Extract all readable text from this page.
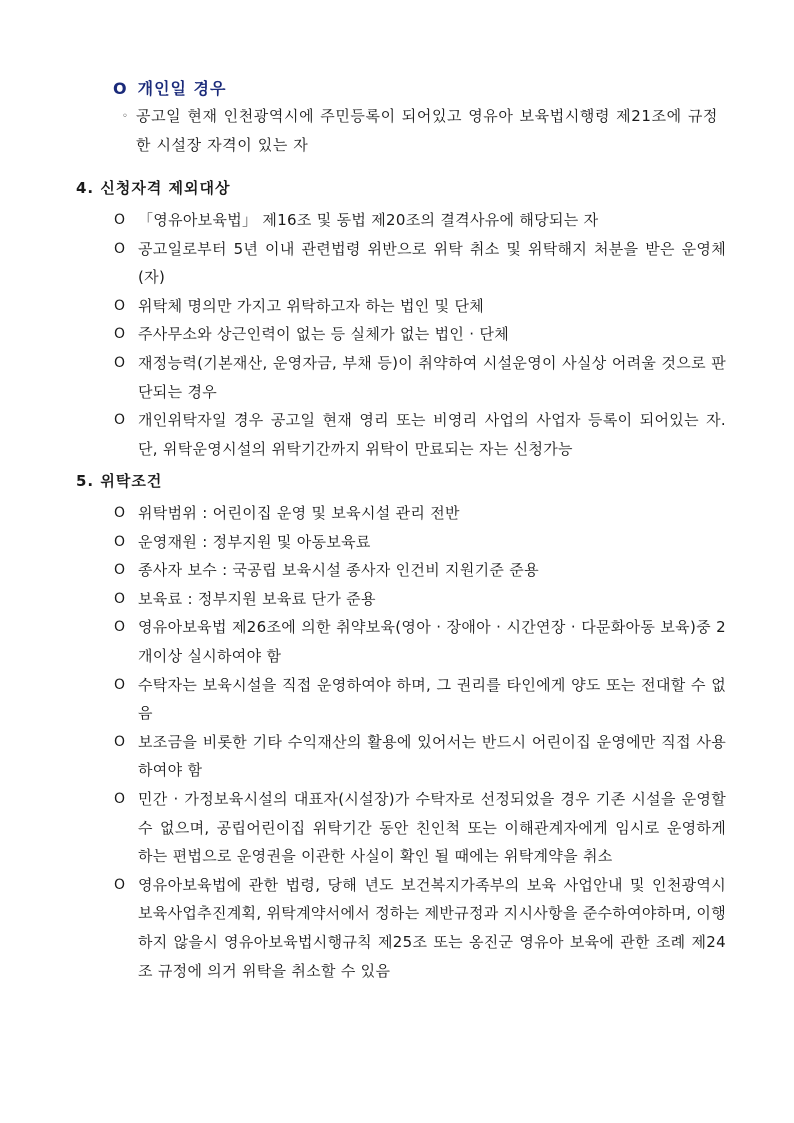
O 개인일 경우
◦ 공고일 현재 인천광역시에 주민등록이 되어있고 영유아 보육법시행령 제21조에 규정한 시설장 자격이 있는 자
4. 신청자격 제외대상
O 「영유아보육법」 제16조 및 동법 제20조의 결격사유에 해당되는 자
O 공고일로부터 5년 이내 관련법령 위반으로 위탁 취소 및 위탁해지 처분을 받은 운영체(자)
O 위탁체 명의만 가지고 위탁하고자 하는 법인 및 단체
O 주사무소와 상근인력이 없는 등 실체가 없는 법인 · 단체
O 재정능력(기본재산, 운영자금, 부채 등)이 취약하여 시설운영이 사실상 어려울 것으로 판단되는 경우
O 개인위탁자일 경우 공고일 현재 영리 또는 비영리 사업의 사업자 등록이 되어있는 자. 단, 위탁운영시설의 위탁기간까지 위탁이 만료되는 자는 신청가능
5. 위탁조건
O 위탁범위 : 어린이집 운영 및 보육시설 관리 전반
O 운영재원 : 정부지원 및 아동보육료
O 종사자 보수 : 국공립 보육시설 종사자 인건비 지원기준 준용
O 보육료 : 정부지원 보육료 단가 준용
O 영유아보육법 제26조에 의한 취약보육(영아 · 장애아 · 시간연장 · 다문화아동 보육)중 2개이상 실시하여야 함
O 수탁자는 보육시설을 직접 운영하여야 하며, 그 권리를 타인에게 양도 또는 전대할 수 없음
O 보조금을 비롯한 기타 수익재산의 활용에 있어서는 반드시 어린이집 운영에만 직접 사용 하여야 함
O 민간 · 가정보육시설의 대표자(시설장)가 수탁자로 선정되었을 경우 기존 시설을 운영할 수 없으며, 공립어린이집 위탁기간 동안 친인척 또는 이해관계자에게 임시로 운영하게 하는 편법으로 운영권을 이관한 사실이 확인 될 때에는 위탁계약을 취소
O 영유아보육법에 관한 법령, 당해 년도 보건복지가족부의 보육 사업안내 및 인천광역시 보육사업추진계획, 위탁계약서에서 정하는 제반규정과 지시사항을 준수하여야하며, 이행하지 않을시 영유아보육법시행규칙 제25조 또는 옹진군 영유아 보육에 관한 조례 제24조 규정에 의거 위탁을 취소할 수 있음
